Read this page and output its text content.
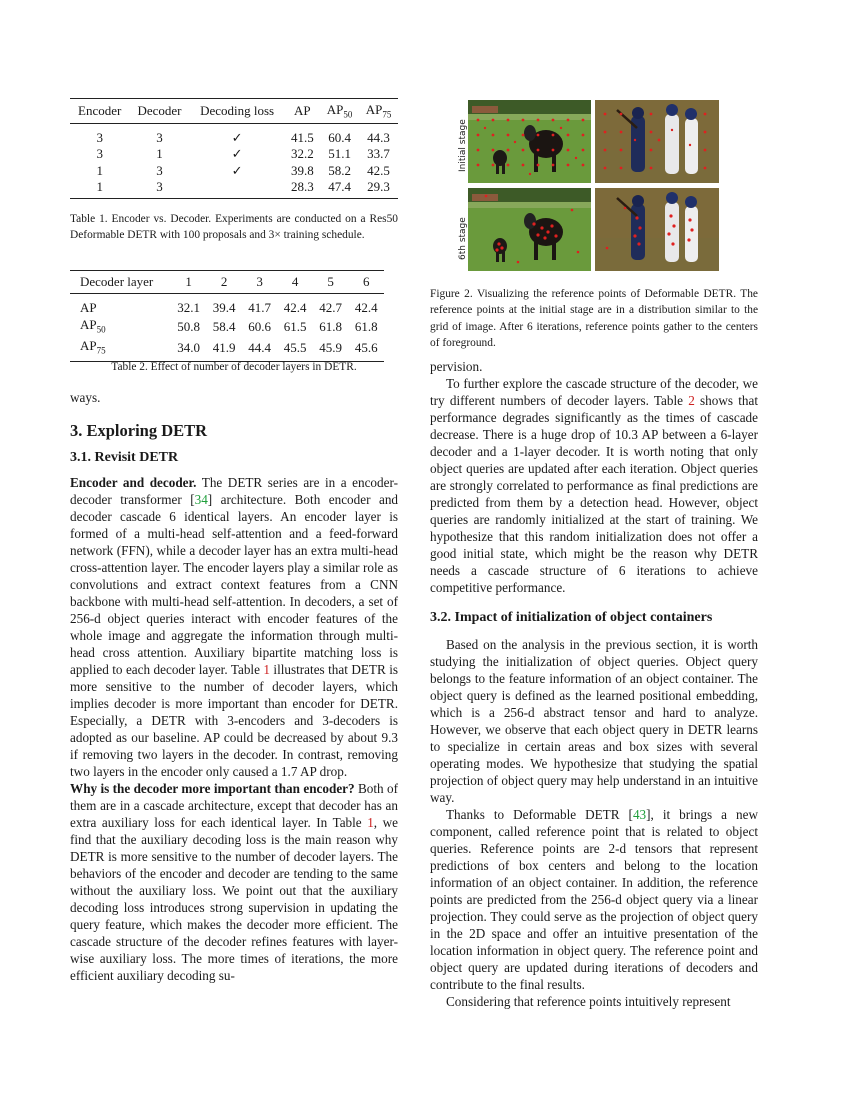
Encoder	Decoder	Decoding loss	AP	$AP_{50}$	$AP_{75}$
3	3	✓	41.5	60.4	44.3
3	1	✓	32.2	51.1	33.7
1	3	✓	39.8	58.2	42.5
1	3		28.3	47.4	29.3
Table 1. Encoder vs. Decoder. Experiments are conducted on a Res50 Deformable DETR with 100 proposals and 3× training schedule.
Decoder layer	1	2	3	4	5	6
AP	32.1	39.4	41.7	42.4	42.7	42.4
$AP_{50}$	50.8	58.4	60.6	61.5	61.8	61.8
$AP_{75}$	34.0	41.9	44.4	45.5	45.9	45.6
Table 2. Effect of number of decoder layers in DETR.

ways.

3. Exploring DETR
3.1. Revisit DETR

Encoder and decoder. The DETR series are in a encoder-decoder transformer [34] architecture. Both encoder and decoder cascade 6 identical layers. An encoder layer is formed of a multi-head self-attention and a feed-forward network (FFN), while a decoder layer has an extra multi-head cross-attention layer. The encoder layers play a similar role as convolutions and extract context features from a CNN backbone with multi-head self-attention. In decoders, a set of 256-d object queries interact with encoder features of the whole image and aggregate the information through multi-head cross attention. Auxiliary bipartite matching loss is applied to each decoder layer. Table 1 illustrates that DETR is more sensitive to the number of decoder layers, which implies decoder is more important than encoder for DETR. Especially, a DETR with 3-encoders and 3-decoders is adopted as our baseline. AP could be decreased by about 9.3 if removing two layers in the decoder. In contrast, removing two layers in the encoder only caused a 1.7 AP drop.

Why is the decoder more important than encoder? Both of them are in a cascade architecture, except that decoder has an extra auxiliary loss for each identical layer. In Table 1, we find that the auxiliary decoding loss is the main reason why DETR is more sensitive to the number of decoder layers. The behaviors of the encoder and decoder are tending to the same without the auxiliary loss. We point out that the auxiliary decoding loss introduces strong supervision in updating the query feature, which makes the decoder more efficient. The cascade structure of the decoder refines features with layer-wise auxiliary loss. The more times of iterations, the more efficient auxiliary decoding su-

Initial stage
6th stage
Figure 2. Visualizing the reference points of Deformable DETR. The reference points at the initial stage are in a distribution similar to the grid of image. After 6 iterations, reference points gather to the centers of foreground.

pervision.

To further explore the cascade structure of the decoder, we try different numbers of decoder layers. Table 2 shows that performance degrades significantly as the times of cascade decrease. There is a huge drop of 10.3 AP between a 6-layer decoder and a 1-layer decoder. It is worth noting that only object queries are updated after each iteration. Object queries are strongly correlated to performance as final predictions are predicted from them by a detection head. However, object queries are randomly initialized at the start of training. We hypothesize that this random initialization does not offer a good initial state, which might be the reason why DETR needs a cascade structure of 6 iterations to achieve competitive performance.

3.2. Impact of initialization of object containers

Based on the analysis in the previous section, it is worth studying the initialization of object queries. Object query belongs to the feature information of an object container. The object query is defined as the learned positional embedding, which is a 256-d abstract tensor and hard to analyze. However, we observe that each object query in DETR learns to specialize in certain areas and box sizes with several operating modes. We hypothesize that studying the spatial projection of object query may help understand in an intuitive way.

Thanks to Deformable DETR [43], it brings a new component, called reference point that is related to object queries. Reference points are 2-d tensors that represent predictions of box centers and belong to the location information of an object container. In addition, the reference points are predicted from the 256-d object query via a linear projection. They could serve as the projection of object query in the 2D space and offer an intuitive presentation of the location information in object query. The reference point and object query are updated during iterations of decoders and contribute to the final results.

Considering that reference points intuitively represent
